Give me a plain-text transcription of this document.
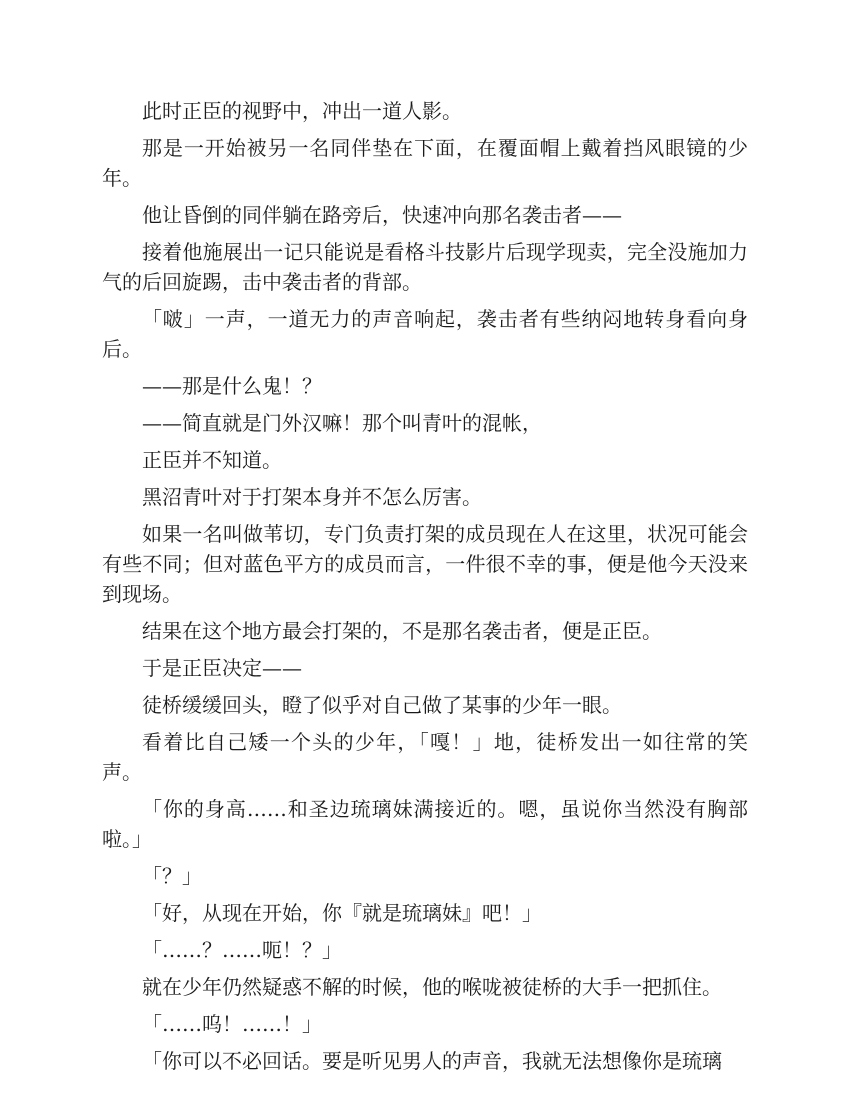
此时正臣的视野中，冲出一道人影。

那是一开始被另一名同伴垫在下面，在覆面帽上戴着挡风眼镜的少年。

他让昏倒的同伴躺在路旁后，快速冲向那名袭击者——

接着他施展出一记只能说是看格斗技影片后现学现卖，完全没施加力气的后回旋踢，击中袭击者的背部。

「啵」一声，一道无力的声音响起，袭击者有些纳闷地转身看向身后。

——那是什么鬼！？

——简直就是门外汉嘛！那个叫青叶的混帐，

正臣并不知道。

黑沼青叶对于打架本身并不怎么厉害。

如果一名叫做苇切，专门负责打架的成员现在人在这里，状况可能会有些不同；但对蓝色平方的成员而言，一件很不幸的事，便是他今天没来到现场。

结果在这个地方最会打架的，不是那名袭击者，便是正臣。

于是正臣决定——

徒桥缓缓回头，瞪了似乎对自己做了某事的少年一眼。

看着比自己矮一个头的少年，「嘎！」地，徒桥发出一如往常的笑声。

「你的身高……和圣边琉璃妹满接近的。嗯，虽说你当然没有胸部啦。」

「？」

「好，从现在开始，你『就是琉璃妹』吧！」

「……？……呃！？」

就在少年仍然疑惑不解的时候，他的喉咙被徒桥的大手一把抓住。

「……呜！……！」

「你可以不必回话。要是听见男人的声音，我就无法想像你是琉璃
